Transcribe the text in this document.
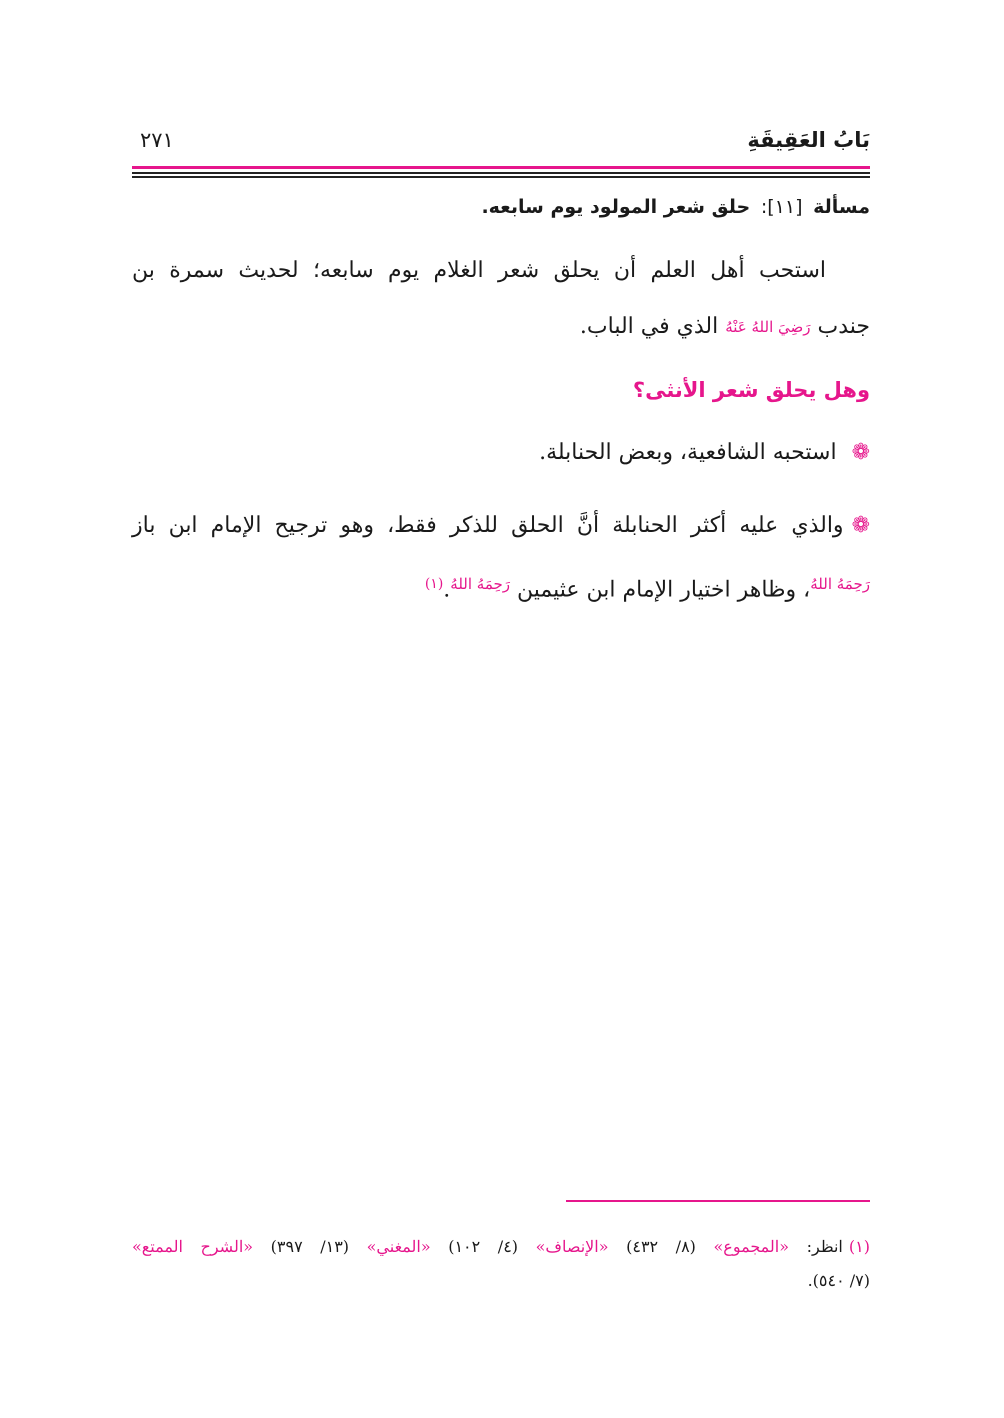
بَابُ العَقِيقَةِ
٢٧١
مسألة [١١]: حلق شعر المولود يوم سابعه.
استحب أهل العلم أن يحلق شعر الغلام يوم سابعه؛ لحديث سمرة بن
جندب $^{رَضِيَ اللهُ عَنْهُ}$ الذي في الباب.
وهل يحلق شعر الأنثى؟
❁ استحبه الشافعية، وبعض الحنابلة.
❁والذي عليه أكثر الحنابلة أنَّ الحلق للذكر فقط، وهو ترجيح الإمام ابن باز
$^{رَحِمَهُ اللهُ}$، وظاهر اختيار الإمام ابن عثيمين $^{رَحِمَهُ اللهُ}$.$^{(١)}$
(١)انظر: «المجموع» (٨/ ٤٣٢) «الإنصاف» (٤/ ١٠٢) «المغني» (١٣/ ٣٩٧) «الشرح الممتع»
(٧/ ٥٤٠).
